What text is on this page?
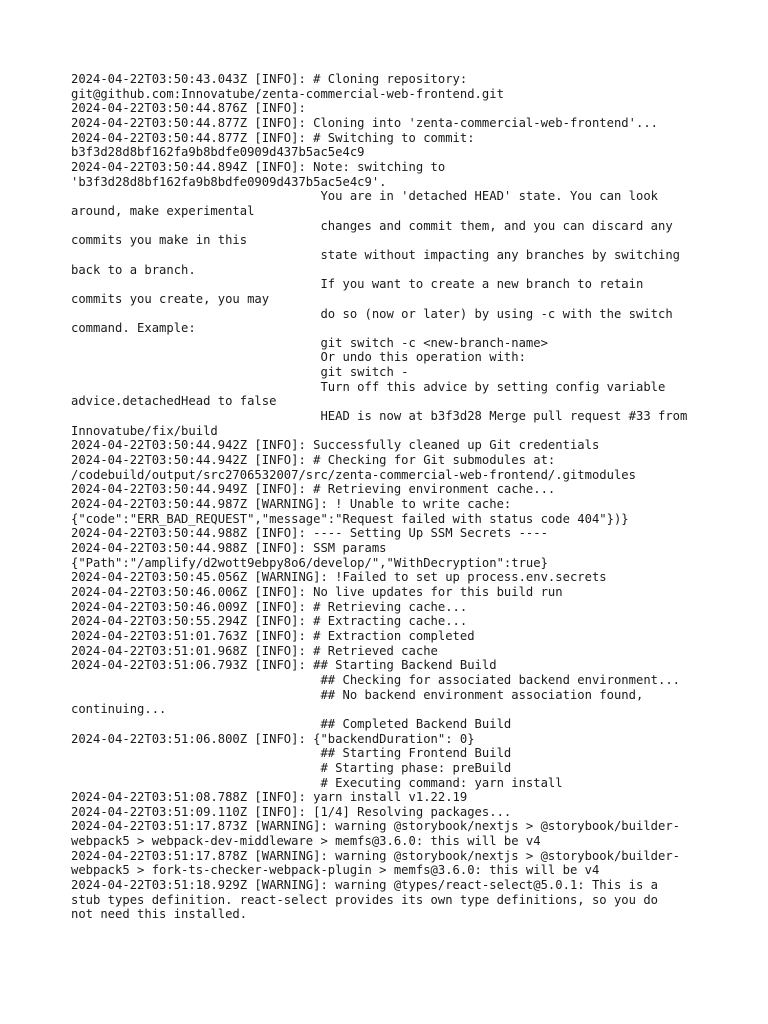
2024-04-22T03:50:43.043Z [INFO]: # Cloning repository:
git@github.com:Innovatube/zenta-commercial-web-frontend.git
2024-04-22T03:50:44.876Z [INFO]:
2024-04-22T03:50:44.877Z [INFO]: Cloning into 'zenta-commercial-web-frontend'...
2024-04-22T03:50:44.877Z [INFO]: # Switching to commit:
b3f3d28d8bf162fa9b8bdfe0909d437b5ac5e4c9
2024-04-22T03:50:44.894Z [INFO]: Note: switching to
'b3f3d28d8bf162fa9b8bdfe0909d437b5ac5e4c9'.
You are in 'detached HEAD' state. You can look
around, make experimental
changes and commit them, and you can discard any
commits you make in this
state without impacting any branches by switching
back to a branch.
If you want to create a new branch to retain
commits you create, you may
do so (now or later) by using -c with the switch
command. Example:
git switch -c <new-branch-name>
Or undo this operation with:
git switch -
Turn off this advice by setting config variable
advice.detachedHead to false
HEAD is now at b3f3d28 Merge pull request #33 from
Innovatube/fix/build
2024-04-22T03:50:44.942Z [INFO]: Successfully cleaned up Git credentials
2024-04-22T03:50:44.942Z [INFO]: # Checking for Git submodules at:
/codebuild/output/src2706532007/src/zenta-commercial-web-frontend/.gitmodules
2024-04-22T03:50:44.949Z [INFO]: # Retrieving environment cache...
2024-04-22T03:50:44.987Z [WARNING]: ! Unable to write cache:
{"code":"ERR_BAD_REQUEST","message":"Request failed with status code 404"})}
2024-04-22T03:50:44.988Z [INFO]: ---- Setting Up SSM Secrets ----
2024-04-22T03:50:44.988Z [INFO]: SSM params
{"Path":"/amplify/d2wott9ebpy8o6/develop/","WithDecryption":true}
2024-04-22T03:50:45.056Z [WARNING]: !Failed to set up process.env.secrets
2024-04-22T03:50:46.006Z [INFO]: No live updates for this build run
2024-04-22T03:50:46.009Z [INFO]: # Retrieving cache...
2024-04-22T03:50:55.294Z [INFO]: # Extracting cache...
2024-04-22T03:51:01.763Z [INFO]: # Extraction completed
2024-04-22T03:51:01.968Z [INFO]: # Retrieved cache
2024-04-22T03:51:06.793Z [INFO]: ## Starting Backend Build
## Checking for associated backend environment...
## No backend environment association found,
continuing...
## Completed Backend Build
2024-04-22T03:51:06.800Z [INFO]: {"backendDuration": 0}
## Starting Frontend Build
# Starting phase: preBuild
# Executing command: yarn install
2024-04-22T03:51:08.788Z [INFO]: yarn install v1.22.19
2024-04-22T03:51:09.110Z [INFO]: [1/4] Resolving packages...
2024-04-22T03:51:17.873Z [WARNING]: warning @storybook/nextjs > @storybook/builder-
webpack5 > webpack-dev-middleware > memfs@3.6.0: this will be v4
2024-04-22T03:51:17.878Z [WARNING]: warning @storybook/nextjs > @storybook/builder-
webpack5 > fork-ts-checker-webpack-plugin > memfs@3.6.0: this will be v4
2024-04-22T03:51:18.929Z [WARNING]: warning @types/react-select@5.0.1: This is a
stub types definition. react-select provides its own type definitions, so you do
not need this installed.
